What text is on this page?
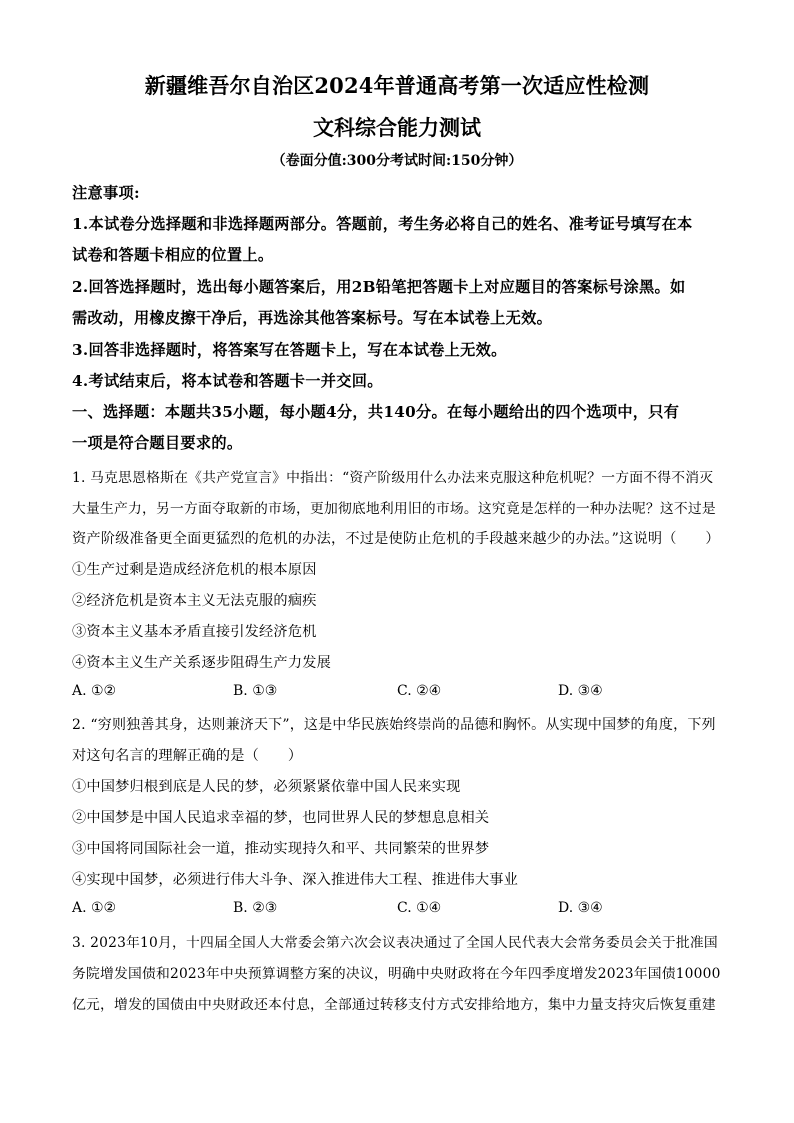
新疆维吾尔自治区2024年普通高考第一次适应性检测
文科综合能力测试
（卷面分值:300分考试时间:150分钟）
注意事项:
1.本试卷分选择题和非选择题两部分。答题前，考生务必将自己的姓名、准考证号填写在本
试卷和答题卡相应的位置上。
2.回答选择题时，选出每小题答案后，用2B铅笔把答题卡上对应题目的答案标号涂黑。如
需改动，用橡皮擦干净后，再选涂其他答案标号。写在本试卷上无效。
3.回答非选择题时，将答案写在答题卡上，写在本试卷上无效。
4.考试结束后，将本试卷和答题卡一并交回。
一、选择题：本题共35小题，每小题4分，共140分。在每小题给出的四个选项中，只有
一项是符合题目要求的。
1. 马克思恩格斯在《共产党宣言》中指出：“资产阶级用什么办法来克服这种危机呢？一方面不得不消灭
大量生产力，另一方面夺取新的市场，更加彻底地利用旧的市场。这究竟是怎样的一种办法呢？这不过是
资产阶级准备更全面更猛烈的危机的办法，不过是使防止危机的手段越来越少的办法。”这说明（　　）
①生产过剩是造成经济危机的根本原因
②经济危机是资本主义无法克服的痼疾
③资本主义基本矛盾直接引发经济危机
④资本主义生产关系逐步阻碍生产力发展
A. ①②	B. ①③	C. ②④	D. ③④
2. “穷则独善其身，达则兼济天下”，这是中华民族始终崇尚的品德和胸怀。从实现中国梦的角度，下列
对这句名言的理解正确的是（　　）
①中国梦归根到底是人民的梦，必须紧紧依靠中国人民来实现
②中国梦是中国人民追求幸福的梦，也同世界人民的梦想息息相关
③中国将同国际社会一道，推动实现持久和平、共同繁荣的世界梦
④实现中国梦，必须进行伟大斗争、深入推进伟大工程、推进伟大事业
A. ①②	B. ②③	C. ①④	D. ③④
3. 2023年10月，十四届全国人大常委会第六次会议表决通过了全国人民代表大会常务委员会关于批准国
务院增发国债和2023年中央预算调整方案的决议，明确中央财政将在今年四季度增发2023年国债10000
亿元，增发的国债由中央财政还本付息，全部通过转移支付方式安排给地方，集中力量支持灾后恢复重建
